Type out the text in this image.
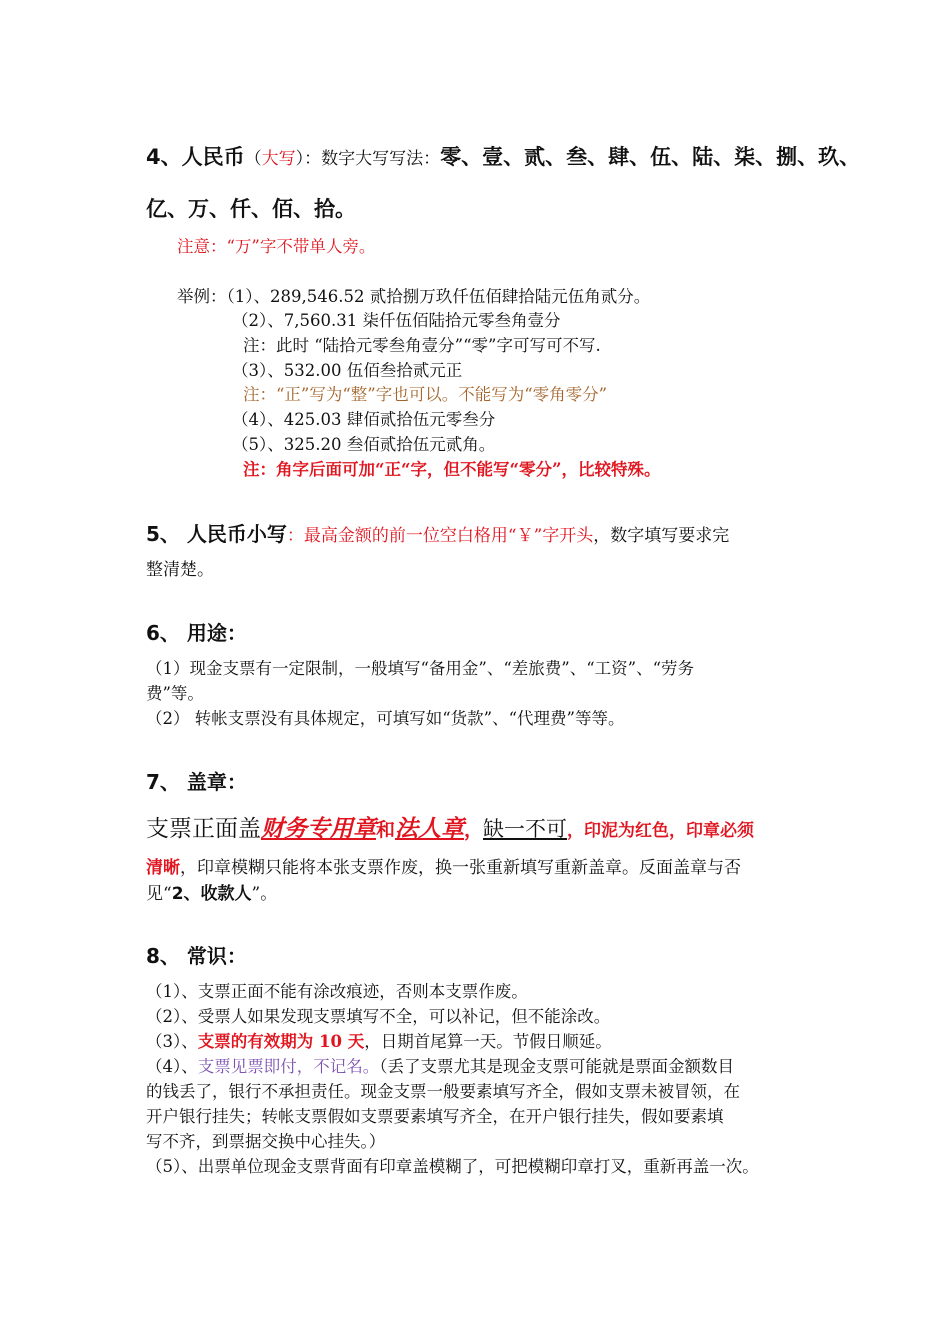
4、人民币（大写）：数字大写写法：零、壹、贰、叁、肆、伍、陆、柒、捌、玖、
亿、万、仟、佰、拾。
注意：“万”字不带单人旁。
举例：（1）、289,546.52 贰拾捌万玖仟伍佰肆拾陆元伍角贰分。
（2）、7,560.31 柒仟伍佰陆拾元零叁角壹分
注：此时 “陆拾元零叁角壹分”“零”字可写可不写.
（3）、532.00 伍佰叁拾贰元正
注：“正”写为“整”字也可以。不能写为“零角零分”
（4）、425.03 肆佰贰拾伍元零叁分
（5）、325.20 叁佰贰拾伍元贰角。
注：角字后面可加“正“字，但不能写“零分”，比较特殊。
5、 人民币小写：最高金额的前一位空白格用“￥”字开头，数字填写要求完
整清楚。
6、 用途：
（1）现金支票有一定限制，一般填写“备用金”、“差旅费”、“工资”、“劳务
费”等。
（2） 转帐支票没有具体规定，可填写如“货款”、“代理费”等等。
7、 盖章：
支票正面盖财务专用章和法人章，缺一不可，印泥为红色，印章必须
清晰，印章模糊只能将本张支票作废，换一张重新填写重新盖章。反面盖章与否
见“2、收款人”。
8、 常识：
（1）、支票正面不能有涂改痕迹，否则本支票作废。
（2）、受票人如果发现支票填写不全，可以补记，但不能涂改。
（3）、支票的有效期为 10 天，日期首尾算一天。节假日顺延。
（4）、支票见票即付，不记名。（丢了支票尤其是现金支票可能就是票面金额数目
的钱丢了，银行不承担责任。现金支票一般要素填写齐全，假如支票未被冒领，在
开户银行挂失；转帐支票假如支票要素填写齐全，在开户银行挂失，假如要素填
写不齐，到票据交换中心挂失。）
（5）、出票单位现金支票背面有印章盖模糊了，可把模糊印章打叉，重新再盖一次。
